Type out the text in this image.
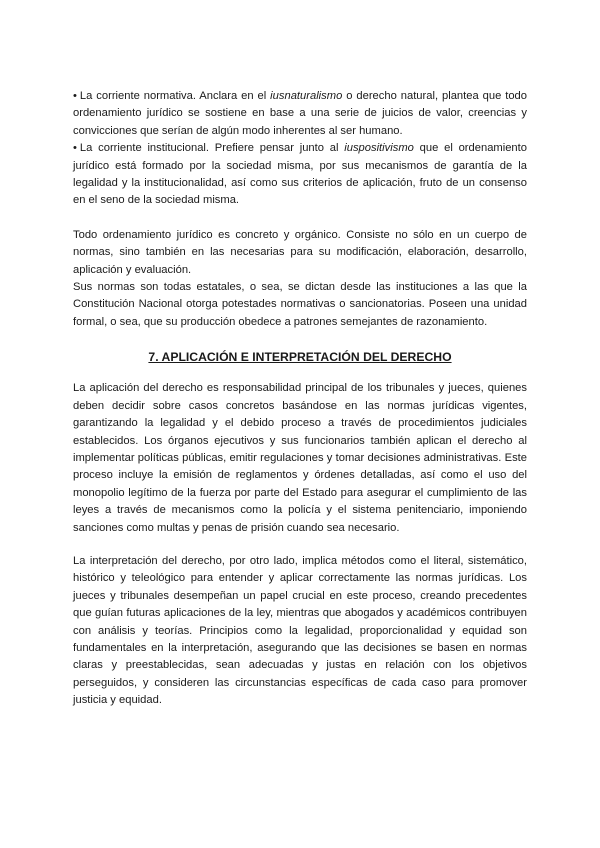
• La corriente normativa. Anclara en el iusnaturalismo o derecho natural, plantea que todo ordenamiento jurídico se sostiene en base a una serie de juicios de valor, creencias y convicciones que serían de algún modo inherentes al ser humano.

• La corriente institucional. Prefiere pensar junto al iuspositivismo que el ordenamiento jurídico está formado por la sociedad misma, por sus mecanismos de garantía de la legalidad y la institucionalidad, así como sus criterios de aplicación, fruto de un consenso en el seno de la sociedad misma.

Todo ordenamiento jurídico es concreto y orgánico. Consiste no sólo en un cuerpo de normas, sino también en las necesarias para su modificación, elaboración, desarrollo, aplicación y evaluación.

Sus normas son todas estatales, o sea, se dictan desde las instituciones a las que la Constitución Nacional otorga potestades normativas o sancionatorias. Poseen una unidad formal, o sea, que su producción obedece a patrones semejantes de razonamiento.

7. APLICACIÓN E INTERPRETACIÓN DEL DERECHO

La aplicación del derecho es responsabilidad principal de los tribunales y jueces, quienes deben decidir sobre casos concretos basándose en las normas jurídicas vigentes, garantizando la legalidad y el debido proceso a través de procedimientos judiciales establecidos. Los órganos ejecutivos y sus funcionarios también aplican el derecho al implementar políticas públicas, emitir regulaciones y tomar decisiones administrativas. Este proceso incluye la emisión de reglamentos y órdenes detalladas, así como el uso del monopolio legítimo de la fuerza por parte del Estado para asegurar el cumplimiento de las leyes a través de mecanismos como la policía y el sistema penitenciario, imponiendo sanciones como multas y penas de prisión cuando sea necesario.

La interpretación del derecho, por otro lado, implica métodos como el literal, sistemático, histórico y teleológico para entender y aplicar correctamente las normas jurídicas. Los jueces y tribunales desempeñan un papel crucial en este proceso, creando precedentes que guían futuras aplicaciones de la ley, mientras que abogados y académicos contribuyen con análisis y teorías. Principios como la legalidad, proporcionalidad y equidad son fundamentales en la interpretación, asegurando que las decisiones se basen en normas claras y preestablecidas, sean adecuadas y justas en relación con los objetivos perseguidos, y consideren las circunstancias específicas de cada caso para promover justicia y equidad.
